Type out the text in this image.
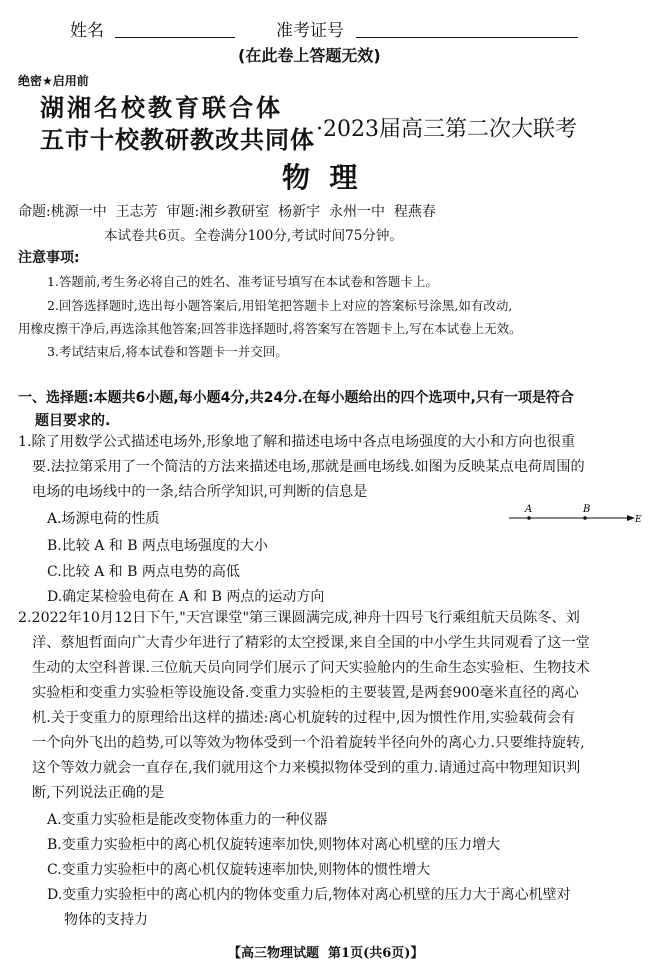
姓名	准考证号
(在此卷上答题无效)
绝密★启用前
湖湘名校教育联合体
五市十校教研教改共同体 ·2023届高三第二次大联考
物  理
命题:桃源一中  王志芳  审题:湘乡教研室  杨新宇  永州一中  程燕春
本试卷共6页。全卷满分100分,考试时间75分钟。
注意事项:
1.答题前,考生务必将自己的姓名、准考证号填写在本试卷和答题卡上。
2.回答选择题时,选出每小题答案后,用铅笔把答题卡上对应的答案标号涂黑,如有改动,
用橡皮擦干净后,再选涂其他答案;回答非选择题时,将答案写在答题卡上,写在本试卷上无效。
3.考试结束后,将本试卷和答题卡一并交回。
一、选择题:本题共6小题,每小题4分,共24分.在每小题给出的四个选项中,只有一项是符合
题目要求的.
1.除了用数学公式描述电场外,形象地了解和描述电场中各点电场强度的大小和方向也很重
要.法拉第采用了一个简洁的方法来描述电场,那就是画电场线.如图为反映某点电荷周围的
电场的电场线中的一条,结合所学知识,可判断的信息是
A.场源电荷的性质
B.比较 A 和 B 两点电场强度的大小
C.比较 A 和 B 两点电势的高低
D.确定某检验电荷在 A 和 B 两点的运动方向
A	B
E
2.2022年10月12日下午,"天宫课堂"第三课圆满完成,神舟十四号飞行乘组航天员陈冬、刘
洋、蔡旭哲面向广大青少年进行了精彩的太空授课,来自全国的中小学生共同观看了这一堂
生动的太空科普课.三位航天员向同学们展示了问天实验舱内的生命生态实验柜、生物技术
实验柜和变重力实验柜等设施设备.变重力实验柜的主要装置,是两套900毫米直径的离心
机.关于变重力的原理给出这样的描述:离心机旋转的过程中,因为惯性作用,实验载荷会有
一个向外飞出的趋势,可以等效为物体受到一个沿着旋转半径向外的离心力.只要维持旋转,
这个等效力就会一直存在,我们就用这个力来模拟物体受到的重力.请通过高中物理知识判
断,下列说法正确的是
A.变重力实验柜是能改变物体重力的一种仪器
B.变重力实验柜中的离心机仅旋转速率加快,则物体对离心机壁的压力增大
C.变重力实验柜中的离心机仅旋转速率加快,则物体的惯性增大
D.变重力实验柜中的离心机内的物体变重力后,物体对离心机壁的压力大于离心机壁对
物体的支持力
【高三物理试题  第1页(共6页)】
